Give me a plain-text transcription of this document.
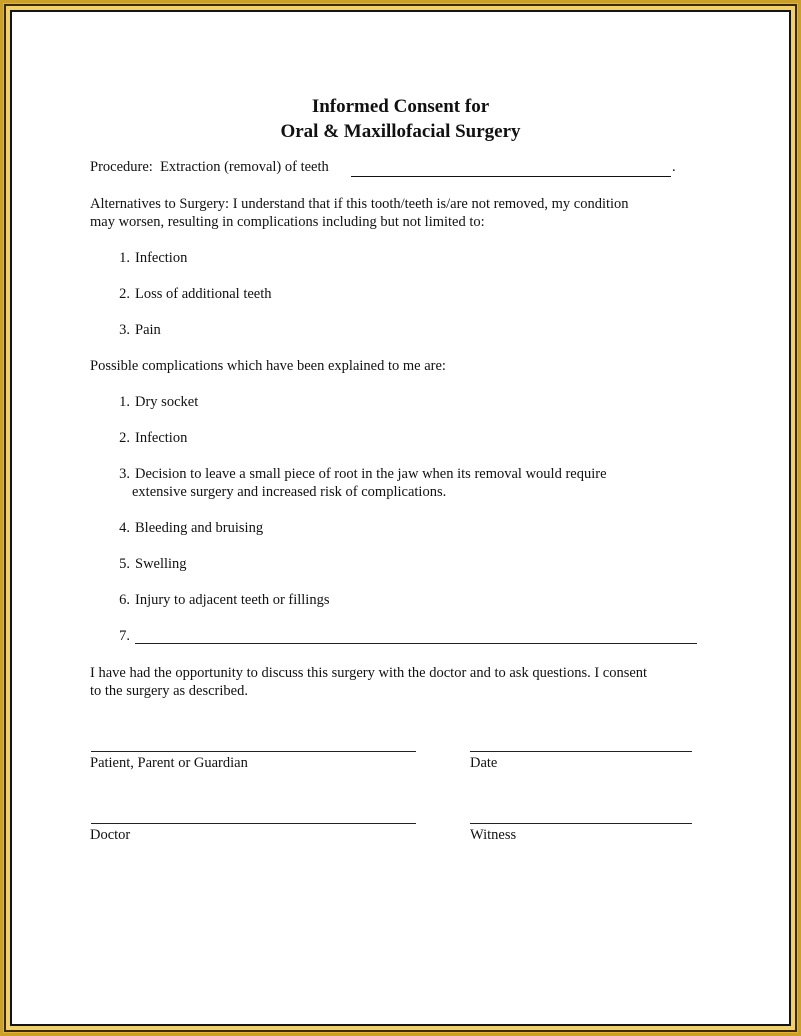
Informed Consent for
Oral & Maxillofacial Surgery
Procedure: Extraction (removal) of teeth	.
Alternatives to Surgery: I understand that if this tooth/teeth is/are not removed, my condition
may worsen, resulting in complications including but not limited to:
1. Infection
2. Loss of additional teeth
3. Pain
Possible complications which have been explained to me are:
1. Dry socket
2. Infection
3. Decision to leave a small piece of root in the jaw when its removal would require
extensive surgery and increased risk of complications.
4. Bleeding and bruising
5. Swelling
6. Injury to adjacent teeth or fillings
7.
I have had the opportunity to discuss this surgery with the doctor and to ask questions. I consent
to the surgery as described.
Patient, Parent or Guardian	Date
Doctor	Witness
